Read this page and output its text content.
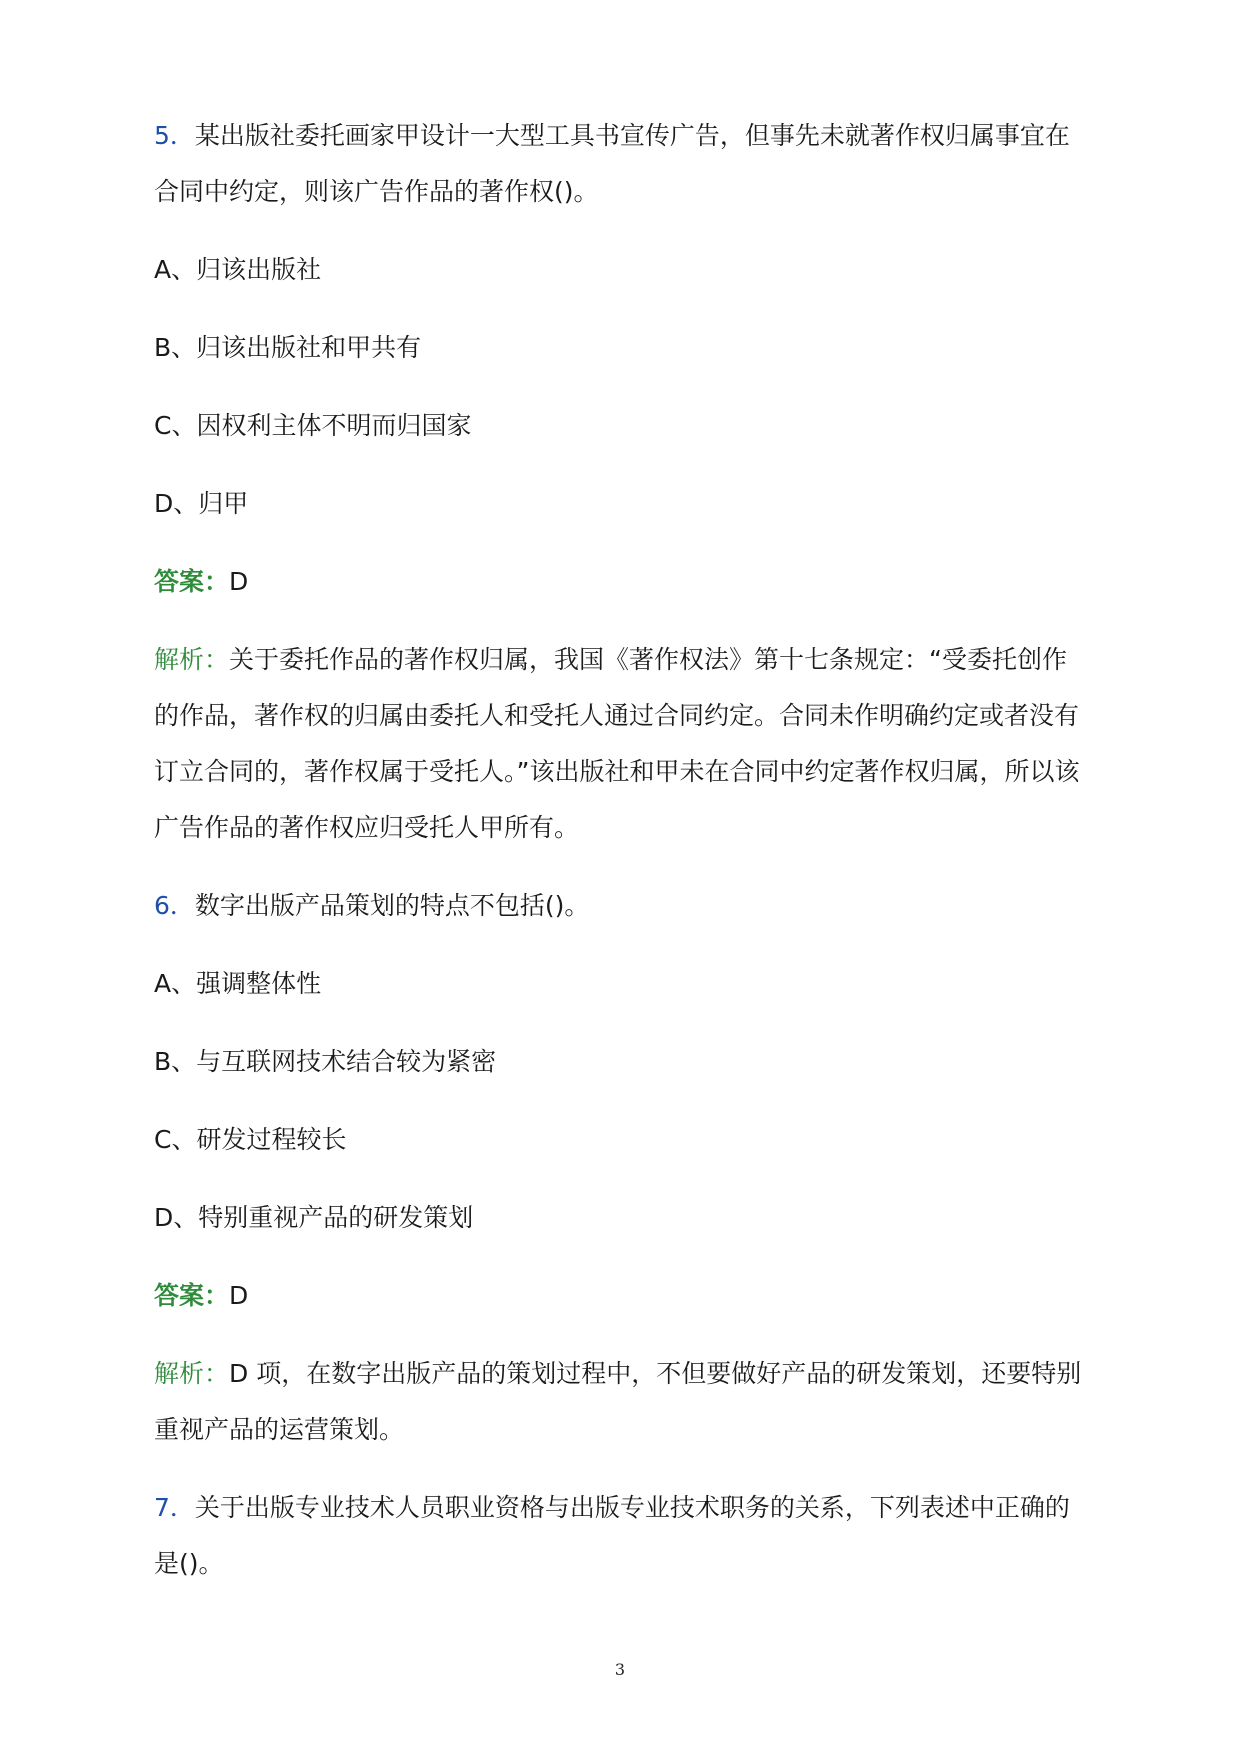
5．某出版社委托画家甲设计一大型工具书宣传广告，但事先未就著作权归属事宜在合同中约定，则该广告作品的著作权()。
A、归该出版社
B、归该出版社和甲共有
C、因权利主体不明而归国家
D、归甲
答案：D
解析：关于委托作品的著作权归属，我国《著作权法》第十七条规定：“受委托创作的作品，著作权的归属由委托人和受托人通过合同约定。合同未作明确约定或者没有订立合同的，著作权属于受托人。”该出版社和甲未在合同中约定著作权归属，所以该广告作品的著作权应归受托人甲所有。
6．数字出版产品策划的特点不包括()。
A、强调整体性
B、与互联网技术结合较为紧密
C、研发过程较长
D、特别重视产品的研发策划
答案：D
解析：D 项，在数字出版产品的策划过程中，不但要做好产品的研发策划，还要特别重视产品的运营策划。
7．关于出版专业技术人员职业资格与出版专业技术职务的关系，下列表述中正确的是()。
3
